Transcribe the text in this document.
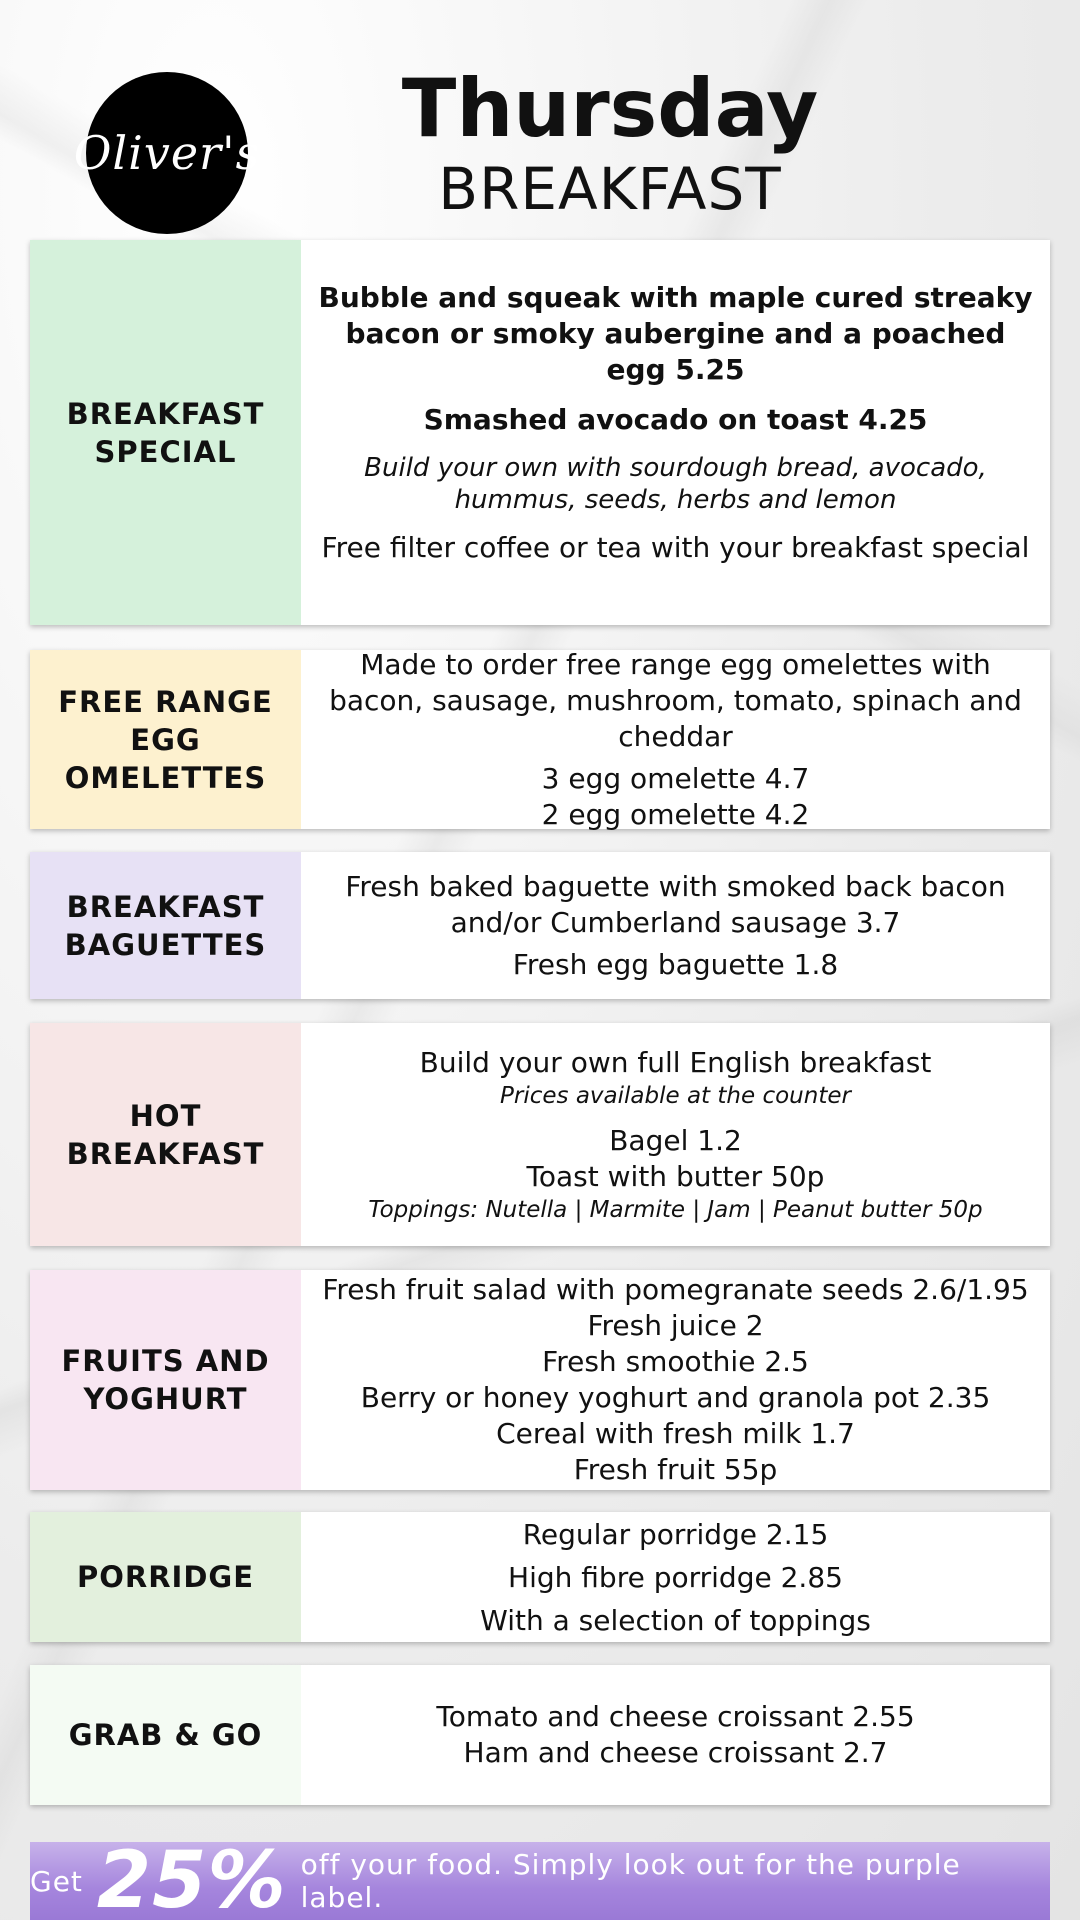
Oliver's Thursday
BREAKFAST
BREAKFAST SPECIAL

Bubble and squeak with maple cured streaky bacon or smoky aubergine and a poached egg 5.25

Smashed avocado on toast 4.25

Build your own with sourdough bread, avocado, hummus, seeds, herbs and lemon

Free filter coffee or tea with your breakfast special

FREE RANGE EGG OMELETTES

Made to order free range egg omelettes with bacon, sausage, mushroom, tomato, spinach and cheddar

3 egg omelette 4.7

2 egg omelette 4.2

BREAKFAST BAGUETTES

Fresh baked baguette with smoked back bacon and/or Cumberland sausage 3.7

Fresh egg baguette 1.8

HOT BREAKFAST

Build your own full English breakfast

Prices available at the counter

Bagel 1.2

Toast with butter 50p

Toppings: Nutella | Marmite | Jam | Peanut butter 50p

FRUITS AND YOGHURT

Fresh fruit salad with pomegranate seeds 2.6/1.95

Fresh juice 2

Fresh smoothie 2.5

Berry or honey yoghurt and granola pot 2.35

Cereal with fresh milk 1.7

Fresh fruit 55p

PORRIDGE

Regular porridge 2.15

High fibre porridge 2.85

With a selection of toppings

GRAB & GO

Tomato and cheese croissant 2.55

Ham and cheese croissant 2.7

Get 25% off your food. Simply look out for the purple label.
